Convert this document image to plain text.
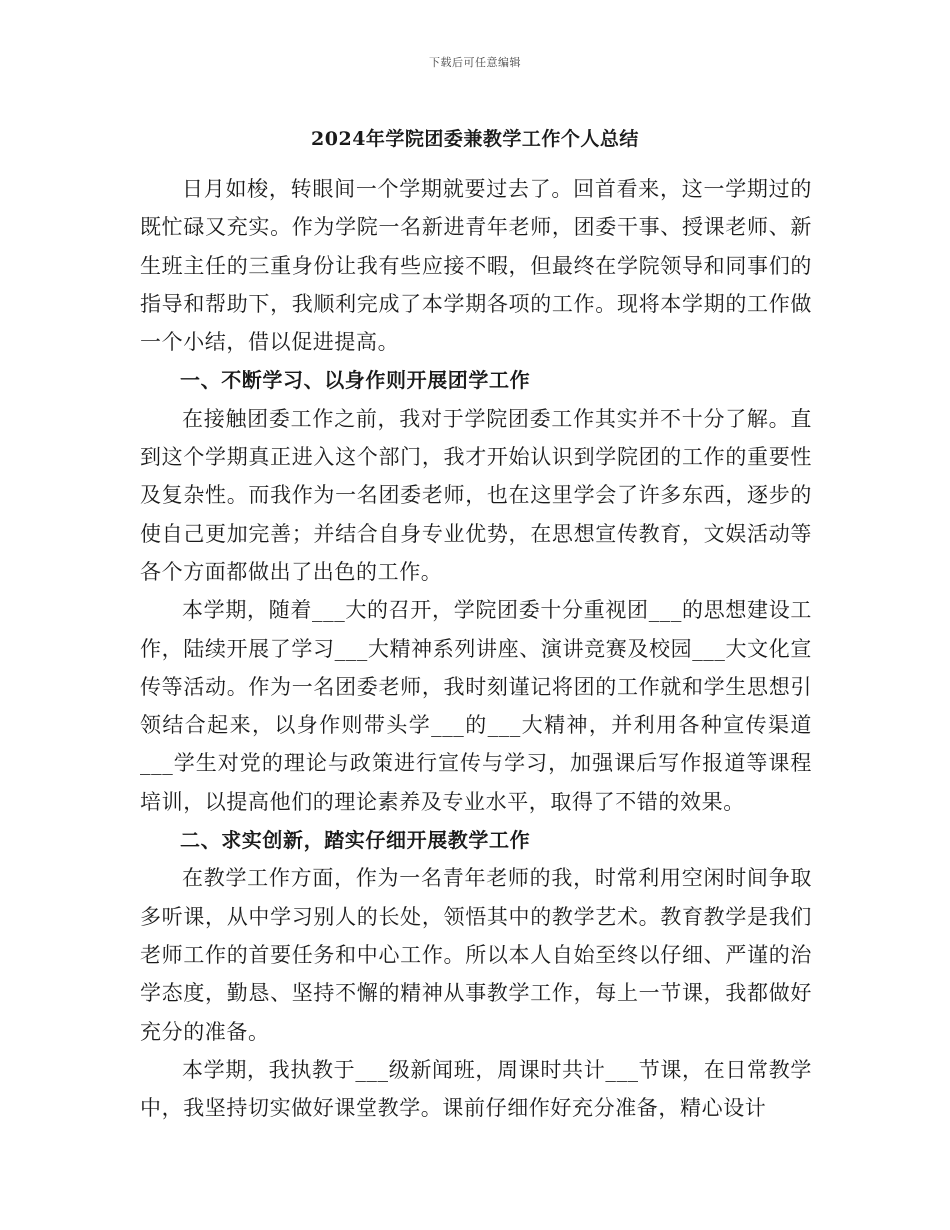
下载后可任意编辑
2024年学院团委兼教学工作个人总结

日月如梭，转眼间一个学期就要过去了。回首看来，这一学期过的既忙碌又充实。作为学院一名新进青年老师，团委干事、授课老师、新生班主任的三重身份让我有些应接不暇，但最终在学院领导和同事们的指导和帮助下，我顺利完成了本学期各项的工作。现将本学期的工作做一个小结，借以促进提高。

一、不断学习、以身作则开展团学工作

在接触团委工作之前，我对于学院团委工作其实并不十分了解。直到这个学期真正进入这个部门，我才开始认识到学院团的工作的重要性及复杂性。而我作为一名团委老师，也在这里学会了许多东西，逐步的使自己更加完善；并结合自身专业优势，在思想宣传教育，文娱活动等各个方面都做出了出色的工作。

本学期，随着___大的召开，学院团委十分重视团___的思想建设工作，陆续开展了学习___大精神系列讲座、演讲竞赛及校园___大文化宣传等活动。作为一名团委老师，我时刻谨记将团的工作就和学生思想引领结合起来，以身作则带头学___的___大精神，并利用各种宣传渠道___学生对党的理论与政策进行宣传与学习，加强课后写作报道等课程培训，以提高他们的理论素养及专业水平，取得了不错的效果。

二、求实创新，踏实仔细开展教学工作

在教学工作方面，作为一名青年老师的我，时常利用空闲时间争取多听课，从中学习别人的长处，领悟其中的教学艺术。教育教学是我们老师工作的首要任务和中心工作。所以本人自始至终以仔细、严谨的治学态度，勤恳、坚持不懈的精神从事教学工作，每上一节课，我都做好充分的准备。

本学期，我执教于___级新闻班，周课时共计___节课，在日常教学中，我坚持切实做好课堂教学。课前仔细作好充分准备，精心设计
